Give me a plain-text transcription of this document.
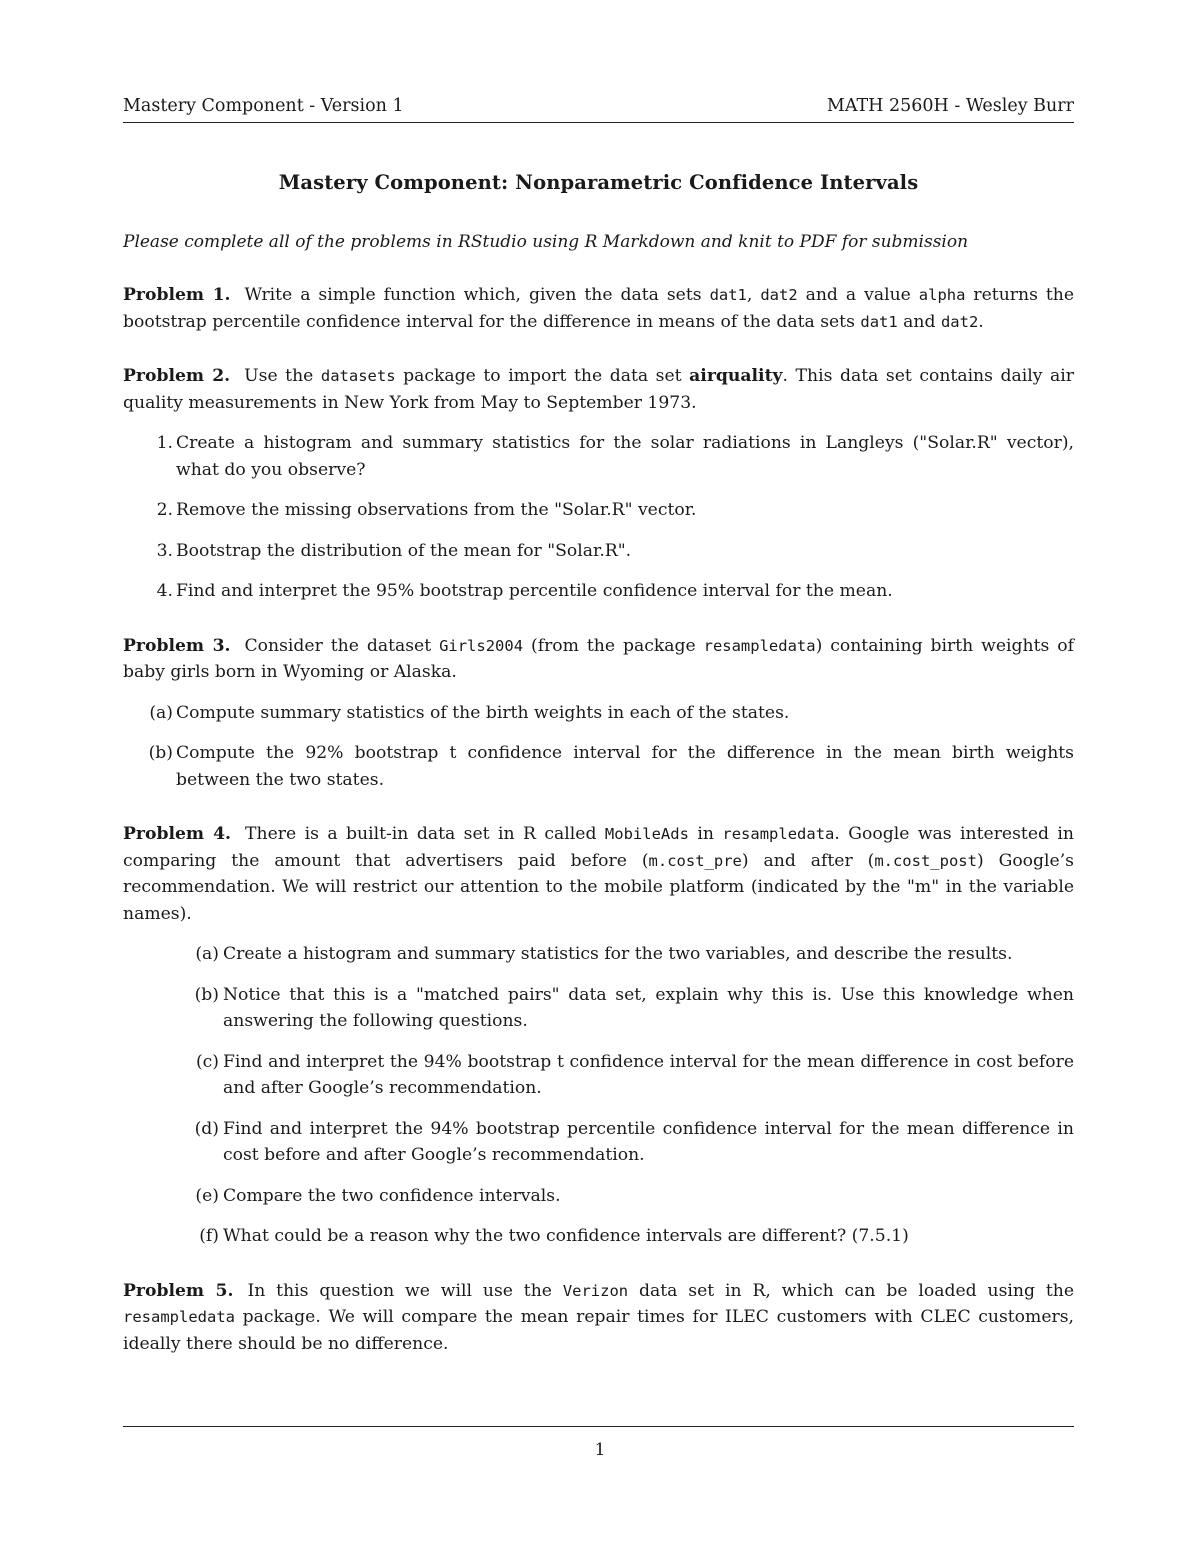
Mastery Component - Version 1	MATH 2560H - Wesley Burr
Mastery Component: Nonparametric Confidence Intervals
Please complete all of the problems in RStudio using R Markdown and knit to PDF for submission
Problem 1. Write a simple function which, given the data sets dat1, dat2 and a value alpha returns the bootstrap percentile confidence interval for the difference in means of the data sets dat1 and dat2.
Problem 2. Use the datasets package to import the data set airquality. This data set contains daily air quality measurements in New York from May to September 1973.
1. Create a histogram and summary statistics for the solar radiations in Langleys ("Solar.R" vector), what do you observe?
2. Remove the missing observations from the "Solar.R" vector.
3. Bootstrap the distribution of the mean for "Solar.R".
4. Find and interpret the 95% bootstrap percentile confidence interval for the mean.
Problem 3. Consider the dataset Girls2004 (from the package resampledata) containing birth weights of baby girls born in Wyoming or Alaska.
(a) Compute summary statistics of the birth weights in each of the states.
(b) Compute the 92% bootstrap t confidence interval for the difference in the mean birth weights between the two states.
Problem 4. There is a built-in data set in R called MobileAds in resampledata. Google was interested in comparing the amount that advertisers paid before (m.cost_pre) and after (m.cost_post) Google’s recommendation. We will restrict our attention to the mobile platform (indicated by the "m" in the variable names).
(a) Create a histogram and summary statistics for the two variables, and describe the results.
(b) Notice that this is a "matched pairs" data set, explain why this is. Use this knowledge when answering the following questions.
(c) Find and interpret the 94% bootstrap t confidence interval for the mean difference in cost before and after Google’s recommendation.
(d) Find and interpret the 94% bootstrap percentile confidence interval for the mean difference in cost before and after Google’s recommendation.
(e) Compare the two confidence intervals.
(f) What could be a reason why the two confidence intervals are different? (7.5.1)
Problem 5. In this question we will use the Verizon data set in R, which can be loaded using the resampledata package. We will compare the mean repair times for ILEC customers with CLEC customers, ideally there should be no difference.
1
